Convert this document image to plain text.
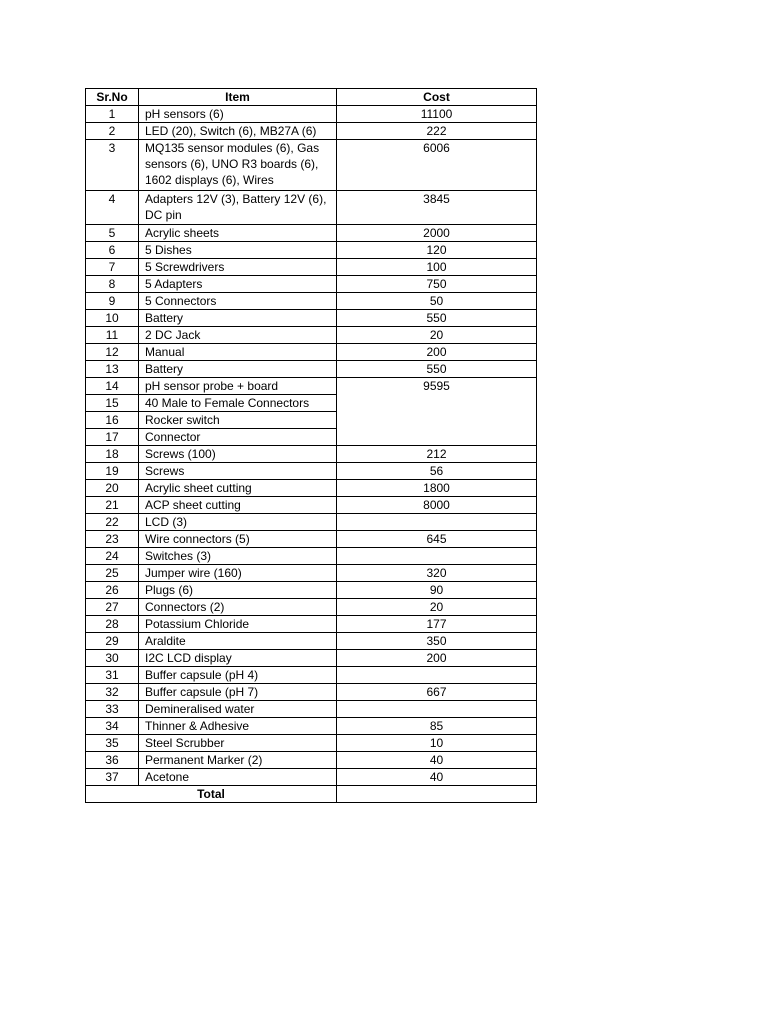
Sr.No	Item	Cost
1	pH sensors (6)	11100
2	LED (20), Switch (6), MB27A (6)	222
3	MQ135 sensor modules (6), Gas sensors (6), UNO R3 boards (6), 1602 displays (6), Wires	6006
4	Adapters 12V (3), Battery 12V (6), DC pin	3845
5	Acrylic sheets	2000
6	5 Dishes	120
7	5 Screwdrivers	100
8	5 Adapters	750
9	5 Connectors	50
10	Battery	550
11	2 DC Jack	20
12	Manual	200
13	Battery	550
14	pH sensor probe + board	9595
15	40 Male to Female Connectors	
16	Rocker switch	
17	Connector	
18	Screws (100)	212
19	Screws	56
20	Acrylic sheet cutting	1800
21	ACP sheet cutting	8000
22	LCD (3)	
23	Wire connectors (5)	645
24	Switches (3)	
25	Jumper wire (160)	320
26	Plugs (6)	90
27	Connectors (2)	20
28	Potassium Chloride	177
29	Araldite	350
30	I2C LCD display	200
31	Buffer capsule (pH 4)	
32	Buffer capsule (pH 7)	667
33	Demineralised water	
34	Thinner & Adhesive	85
35	Steel Scrubber	10
36	Permanent Marker (2)	40
37	Acetone	40
Total		
